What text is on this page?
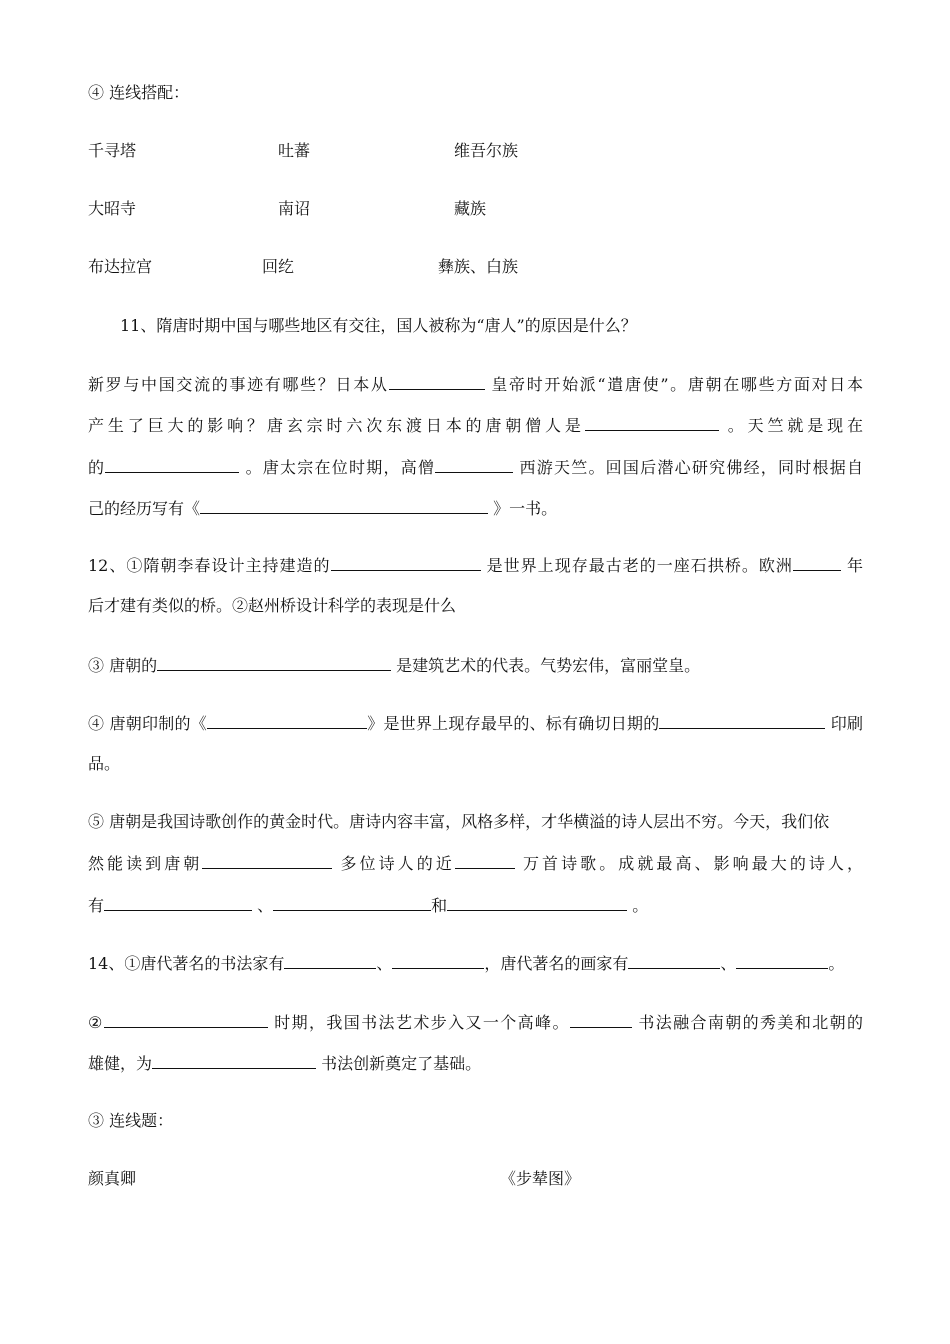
④ 连线搭配：
千寻塔	吐蕃	维吾尔族
大昭寺	南诏	藏族
布达拉宫	回纥	彝族、白族
11、隋唐时期中国与哪些地区有交往，国人被称为“唐人”的原因是什么？
新罗与中国交流的事迹有哪些？日本从	皇帝时开始派“遣唐使”。唐朝在哪些方面对日本
产生了巨大的影响？唐玄宗时六次东渡日本的唐朝僧人是	。天竺就是现在
的	。唐太宗在位时期，高僧	西游天竺。回国后潜心研究佛经，同时根据自
己的经历写有《	》一书。
12、①隋朝李春设计主持建造的	是世界上现存最古老的一座石拱桥。欧洲	年
后才建有类似的桥。②赵州桥设计科学的表现是什么
③ 唐朝的	是建筑艺术的代表。气势宏伟，富丽堂皇。
④ 唐朝印制的《	》是世界上现存最早的、标有确切日期的	印刷
品。
⑤ 唐朝是我国诗歌创作的黄金时代。唐诗内容丰富，风格多样，才华横溢的诗人层出不穷。今天，我们依
然能读到唐朝	多位诗人的近	万首诗歌。成就最高、影响最大的诗人，
有	、	和	。
14、①唐代著名的书法家有	、	，唐代著名的画家有	、	。
②	时期，我国书法艺术步入又一个高峰。	书法融合南朝的秀美和北朝的
雄健，为	书法创新奠定了基础。
③ 连线题：
颜真卿	《步辇图》
